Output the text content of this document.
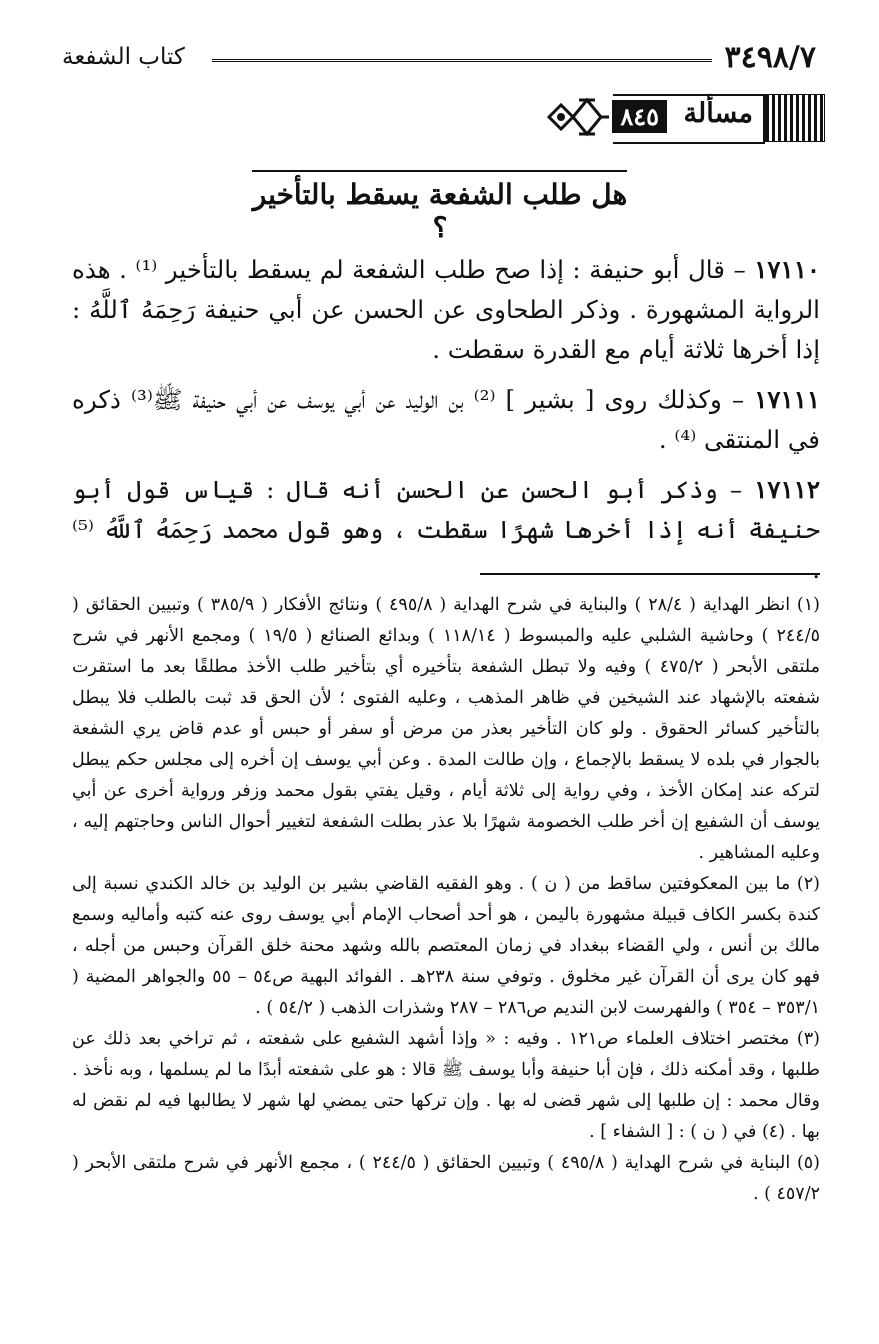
٣٤٩٨/٧
كتاب الشفعة
مسألة
٨٤٥
هل طلب الشفعة يسقط بالتأخير ؟

١٧١١٠ – قال أبو حنيفة : إذا صح طلب الشفعة لم يسقط بالتأخير ⁽¹⁾ . هذه الرواية المشهورة . وذكر الطحاوى عن الحسن عن أبي حنيفة رَحِمَهُ ٱللَّهُ : إذا أخرها ثلاثة أيام مع القدرة سقطت .

١٧١١١ – وكذلك روى [ بشير ] ⁽²⁾ بن الوليد عن أبي يوسف عن أبي حنيفة ﷺ⁽³⁾ ذكره في المنتقى ⁽⁴⁾ .

١٧١١٢ – وذكر أبو الحسن عن الحسن أنه قال : قياس قول أبو حنيفة أنه إذا أخرها شهرًا سقطت ، وهو قول محمد رَحِمَهُ ٱللَّهُ ⁽⁵⁾ .

(١) انظر الهداية ( ٢٨/٤ ) والبناية في شرح الهداية ( ٤٩٥/٨ ) ونتائج الأفكار ( ٣٨٥/٩ ) وتبيين الحقائق ( ٢٤٤/٥ ) وحاشية الشلبي عليه والمبسوط ( ١١٨/١٤ ) وبدائع الصنائع ( ١٩/٥ ) ومجمع الأنهر في شرح ملتقى الأبحر ( ٤٧٥/٢ ) وفيه ولا تبطل الشفعة بتأخيره أي بتأخير طلب الأخذ مطلقًا بعد ما استقرت شفعته بالإشهاد عند الشيخين في ظاهر المذهب ، وعليه الفتوى ؛ لأن الحق قد ثبت بالطلب فلا يبطل بالتأخير كسائر الحقوق . ولو كان التأخير بعذر من مرض أو سفر أو حبس أو عدم قاض يري الشفعة بالجوار في بلده لا يسقط بالإجماع ، وإن طالت المدة . وعن أبي يوسف إن أخره إلى مجلس حكم يبطل لتركه عند إمكان الأخذ ، وفي رواية إلى ثلاثة أيام ، وقيل يفتي بقول محمد وزفر ورواية أخرى عن أبي يوسف أن الشفيع إن أخر طلب الخصومة شهرًا بلا عذر بطلت الشفعة لتغيير أحوال الناس وحاجتهم إليه ، وعليه المشاهير .

(٢) ما بين المعكوفتين ساقط من ( ن ) . وهو الفقيه القاضي بشير بن الوليد بن خالد الكندي نسبة إلى كندة بكسر الكاف قبيلة مشهورة باليمن ، هو أحد أصحاب الإمام أبي يوسف روى عنه كتبه وأماليه وسمع مالك بن أنس ، ولي القضاء ببغداد في زمان المعتصم بالله وشهد محنة خلق القرآن وحبس من أجله ، فهو كان يرى أن القرآن غير مخلوق . وتوفي سنة ٢٣٨هـ . الفوائد البهية ص٥٤ – ٥٥ والجواهر المضية ( ٣٥٣/١ – ٣٥٤ ) والفهرست لابن النديم ص٢٨٦ – ٢٨٧ وشذرات الذهب ( ٥٤/٢ ) .

(٣) مختصر اختلاف العلماء ص١٢١ . وفيه : « وإذا أشهد الشفيع على شفعته ، ثم تراخي بعد ذلك عن طلبها ، وقد أمكنه ذلك ، فإن أبا حنيفة وأبا يوسف ﷺ قالا : هو على شفعته أبدًا ما لم يسلمها ، وبه نأخذ . وقال محمد : إن طلبها إلى شهر قضى له بها . وإن تركها حتى يمضي لها شهر لا يطالبها فيه لم نقض له بها . (٤) في ( ن ) : [ الشفاء ] .

(٥) البناية في شرح الهداية ( ٤٩٥/٨ ) وتبيين الحقائق ( ٢٤٤/٥ ) ، مجمع الأنهر في شرح ملتقى الأبحر ( ٤٥٧/٢ ) .
